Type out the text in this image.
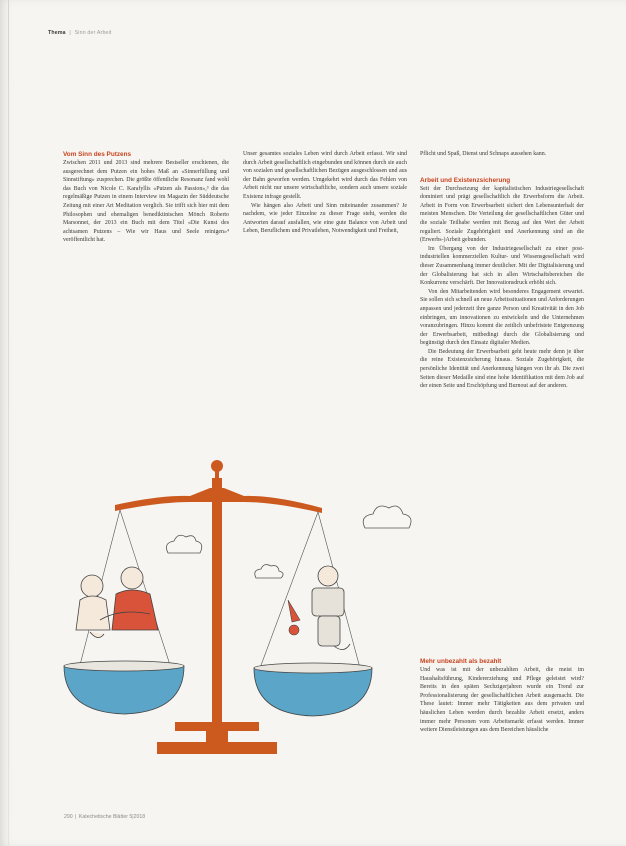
Thema | Sinn der Arbeit
Vom Sinn des Putzens

Zwischen 2011 und 2013 sind mehrere Bestseller erschienen, die ausgerechnet dem Putzen ein hohes Maß an «Sinnerfüllung und Sinnstiftung» zusprechen. Die größte öffentliche Resonanz fand wohl das Buch von Nicole C. Karafyllis «Putzen als Passion»,³ die das regelmäßige Putzen in einem Interview im Magazin der Süddeutsche Zeitung mit einer Art Meditation verglich. Sie trifft sich hier mit dem Philosophen und ehemaligen benediktinischen Mönch Roberto Marsonnet, der 2013 ein Buch mit dem Titel «Die Kunst des achtsamen Putzens – Wie wir Haus und Seele reinigen»⁴ veröffentlicht hat.

Unser gesamtes soziales Leben wird durch Arbeit erfasst. Wir sind durch Arbeit gesellschaftlich eingebunden und können durch sie auch von sozialen und gesellschaftlichen Bezügen ausgeschlossen und aus der Bahn geworfen werden. Umgekehrt wird durch das Fehlen von Arbeit nicht nur unsere wirtschaftliche, sondern auch unsere soziale Existenz infrage gestellt.

Wie hängen also Arbeit und Sinn miteinander zusammen? Je nachdem, wie jeder Einzelne zu dieser Frage steht, werden die Antworten darauf ausfallen, wie eine gute Balance von Arbeit und Leben, Beruflichem und Privatleben, Notwendigkeit und Freiheit,

Pflicht und Spaß, Dienst und Schnaps aussehen kann.

Arbeit und Existenzsicherung

Seit der Durchsetzung der kapitalistischen Industriegesellschaft dominiert und prägt gesellschaftlich die Erwerbsform die Arbeit. Arbeit in Form von Erwerbsarbeit sichert den Lebensunterhalt der meisten Menschen. Die Verteilung der gesellschaftlichen Güter und die soziale Teilhabe werden mit Bezug auf den Wert der Arbeit reguliert. Soziale Zugehörigkeit und Anerkennung sind an die (Erwerbs-)Arbeit gebunden.

Im Übergang von der Industriegesellschaft zu einer post-industriellen kommerziellen Kultur- und Wissensgesellschaft wird dieser Zusammenhang immer deutlicher. Mit der Digitalisierung und der Globalisierung hat sich in allen Wirtschaftsbereichen die Konkurrenz verschärft. Der Innovationsdruck erhöht sich.

Von den Mitarbeitenden wird besonderes Engagement erwartet. Sie sollen sich schnell an neue Arbeitssituationen und Anforderungen anpassen und jederzeit ihre ganze Person und Kreativität in den Job einbringen, um innovationen zu entwickeln und die Unternehmen voranzubringen. Hinzu kommt die zeitlich unbefristete Entgrenzung der Erwerbsarbeit, mitbedingt durch die Globalisierung und begünstigt durch den Einsatz digitaler Medien.

Die Bedeutung der Erwerbsarbeit geht heute mehr denn je über die reine Existenzsicherung hinaus. Soziale Zugehörigkeit, die persönliche Identität und Anerkennung hängen von ihr ab. Die zwei Seiten dieser Medaille sind eine hohe Identifikation mit dem Job auf der einen Seite und Erschöpfung und Burnout auf der anderen.

Mehr unbezahlt als bezahlt

Und was ist mit der unbezahlten Arbeit, die meist im Haushaltsführung, Kindererziehung und Pflege geleistet wird? Bereits in den späten Sechzigerjahren wurde ein Trend zur Professionalisierung der gesellschaftlichen Arbeit ausgemacht. Die These lautet: Immer mehr Tätigkeiten aus dem privaten und häuslichen Leben werden durch bezahlte Arbeit ersetzt, anders immer mehr Personen vom Arbeitsmarkt erfasst werden. Immer weitere Dienstleistungen aus dem Bereichen häusliche

290 | Katechetische Blätter 5|2018
